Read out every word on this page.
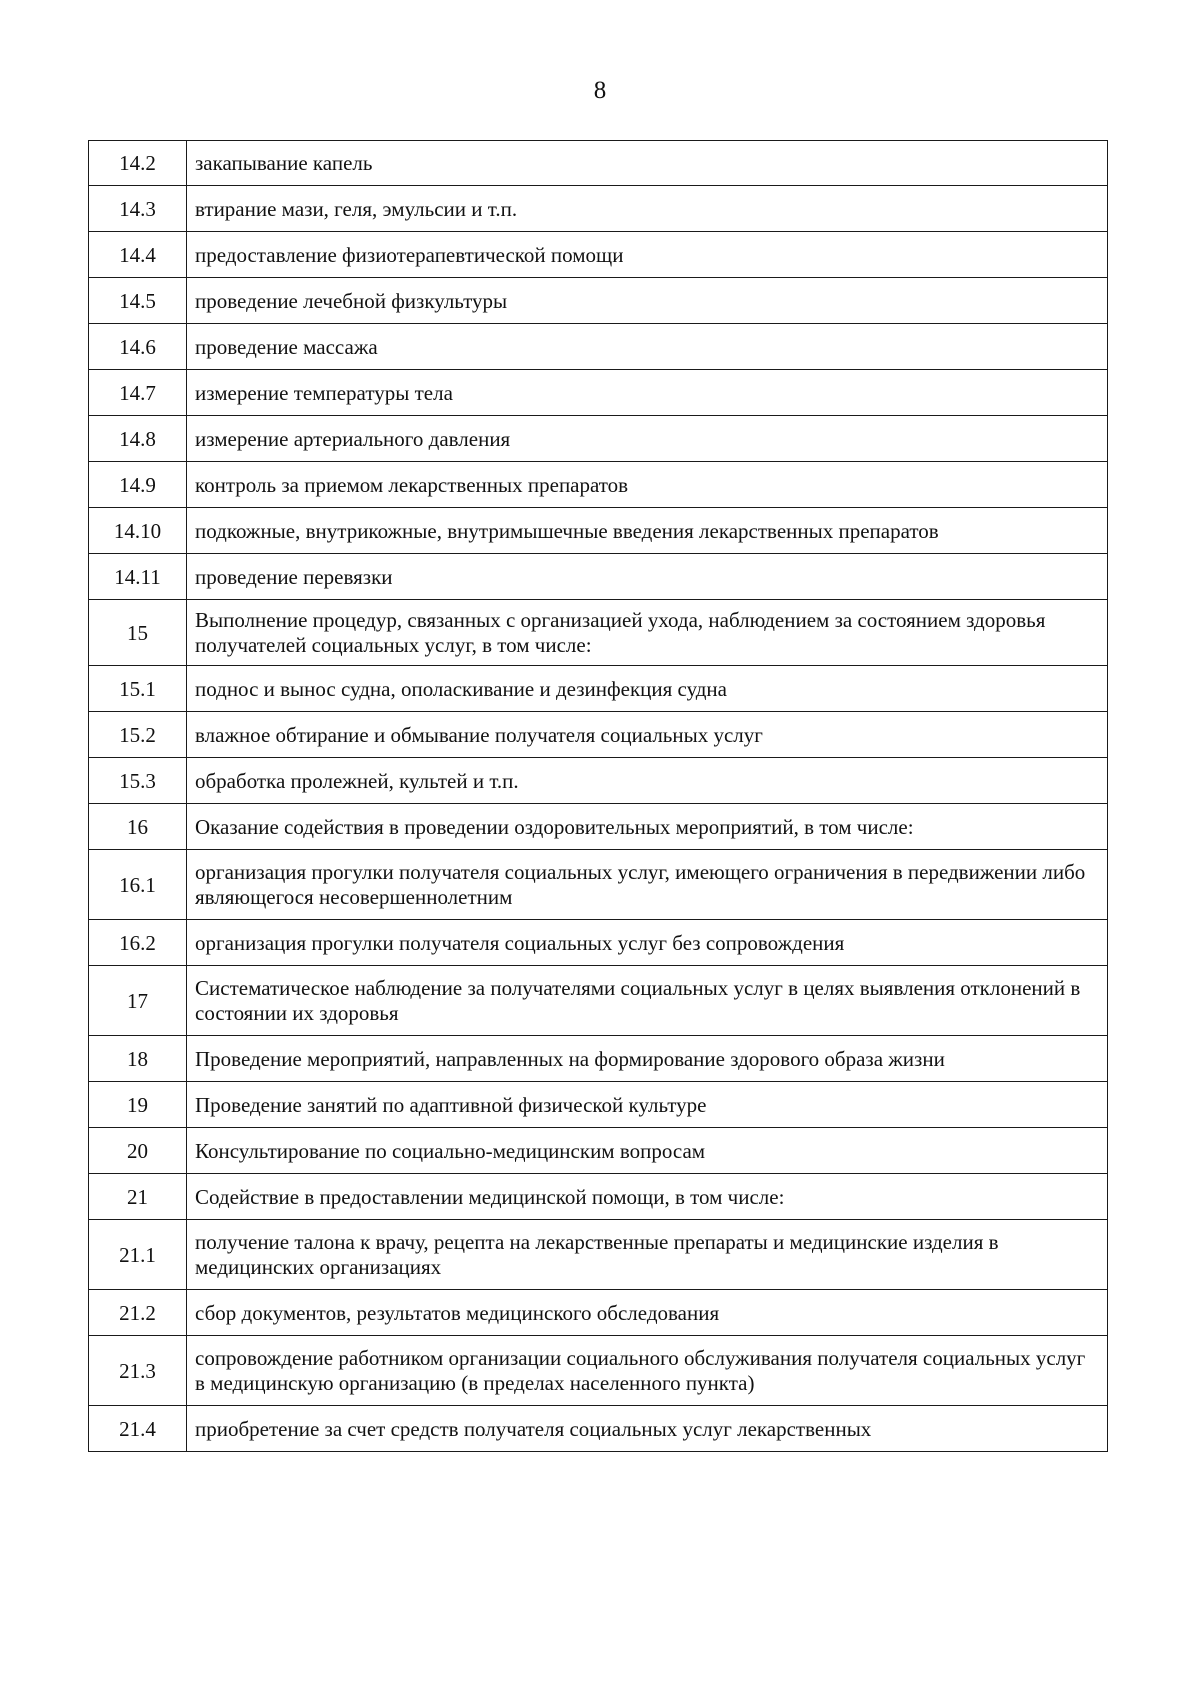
8
14.2	закапывание капель
14.3	втирание мази, геля, эмульсии и т.п.
14.4	предоставление физиотерапевтической помощи
14.5	проведение лечебной физкультуры
14.6	проведение массажа
14.7	измерение температуры тела
14.8	измерение артериального давления
14.9	контроль за приемом лекарственных препаратов
14.10	подкожные, внутрикожные, внутримышечные введения лекарственных препаратов
14.11	проведение перевязки
15	Выполнение процедур, связанных с организацией ухода, наблюдением за состоянием здоровья получателей социальных услуг, в том числе:
15.1	поднос и вынос судна, ополаскивание и дезинфекция судна
15.2	влажное обтирание и обмывание получателя социальных услуг
15.3	обработка пролежней, культей и т.п.
16	Оказание содействия в проведении оздоровительных мероприятий, в том числе:
16.1	организация прогулки получателя социальных услуг, имеющего ограничения в передвижении либо являющегося несовершеннолетним
16.2	организация прогулки получателя социальных услуг без сопровождения
17	Систематическое наблюдение за получателями социальных услуг в целях выявления отклонений в состоянии их здоровья
18	Проведение мероприятий, направленных на формирование здорового образа жизни
19	Проведение занятий по адаптивной физической культуре
20	Консультирование по социально-медицинским вопросам
21	Содействие в предоставлении медицинской помощи, в том числе:
21.1	получение талона к врачу, рецепта на лекарственные препараты и медицинские изделия в медицинских организациях
21.2	сбор документов, результатов медицинского обследования
21.3	сопровождение работником организации социального обслуживания получателя социальных услуг в медицинскую организацию (в пределах населенного пункта)
21.4	приобретение за счет средств получателя социальных услуг лекарственных
